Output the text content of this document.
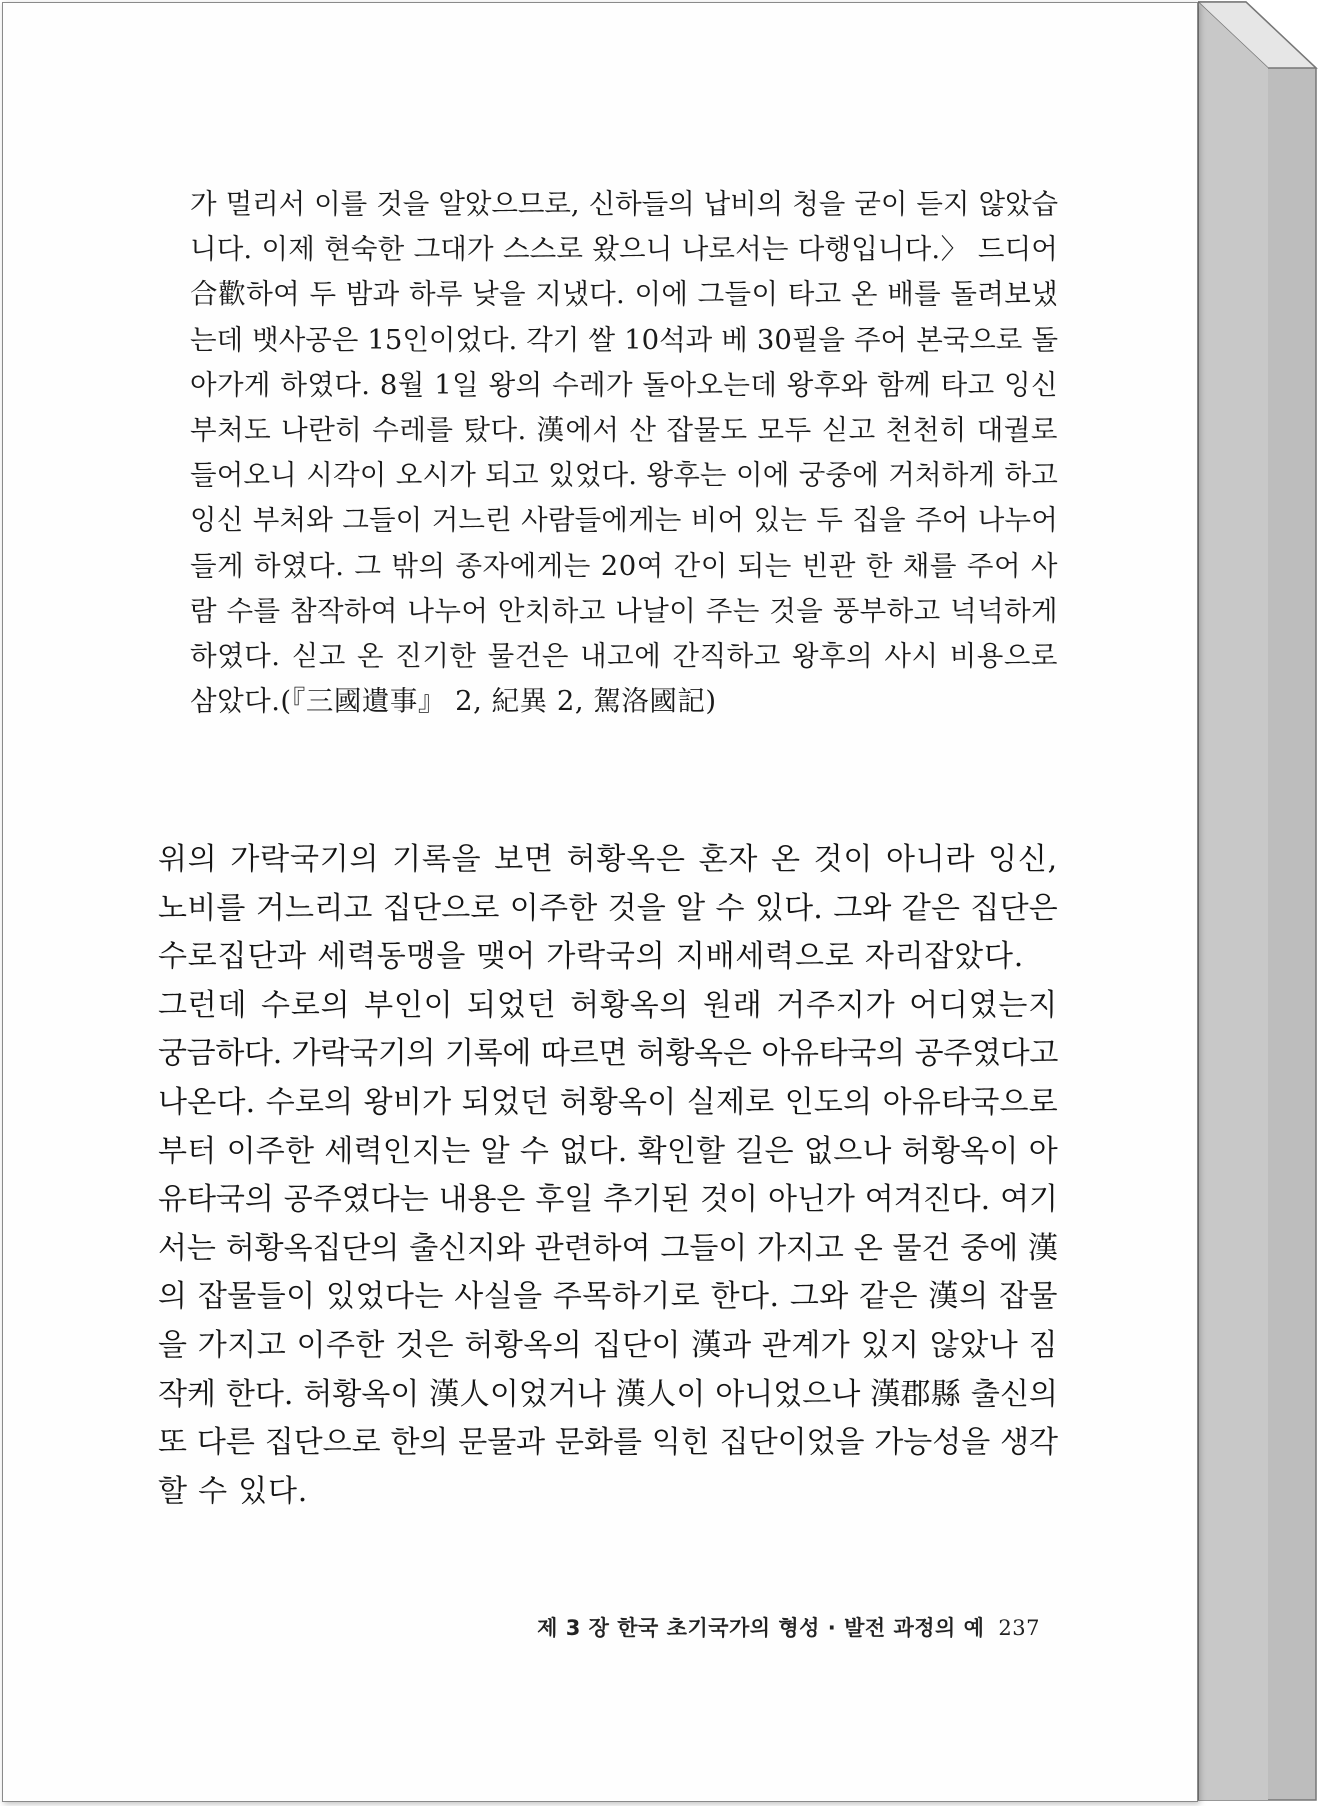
가 멀리서 이를 것을 알았으므로, 신하들의 납비의 청을 굳이 듣지 않았습

니다. 이제 현숙한 그대가 스스로 왔으니 나로서는 다행입니다.〉 드디어

合歡하여 두 밤과 하루 낮을 지냈다. 이에 그들이 타고 온 배를 돌려보냈

는데 뱃사공은 15인이었다. 각기 쌀 10석과 베 30필을 주어 본국으로 돌

아가게 하였다. 8월 1일 왕의 수레가 돌아오는데 왕후와 함께 타고 잉신

부처도 나란히 수레를 탔다. 漢에서 산 잡물도 모두 싣고 천천히 대궐로

들어오니 시각이 오시가 되고 있었다. 왕후는 이에 궁중에 거처하게 하고

잉신 부처와 그들이 거느린 사람들에게는 비어 있는 두 집을 주어 나누어

들게 하였다. 그 밖의 종자에게는 20여 간이 되는 빈관 한 채를 주어 사

람 수를 참작하여 나누어 안치하고 나날이 주는 것을 풍부하고 넉넉하게

하였다. 싣고 온 진기한 물건은 내고에 간직하고 왕후의 사시 비용으로

삼았다.(『三國遺事』 2, 紀異 2, 駕洛國記)

위의 가락국기의 기록을 보면 허황옥은 혼자 온 것이 아니라 잉신,
노비를 거느리고 집단으로 이주한 것을 알 수 있다. 그와 같은 집단은
수로집단과 세력동맹을 맺어 가락국의 지배세력으로 자리잡았다.
그런데 수로의 부인이 되었던 허황옥의 원래 거주지가 어디였는지
궁금하다. 가락국기의 기록에 따르면 허황옥은 아유타국의 공주였다고
나온다. 수로의 왕비가 되었던 허황옥이 실제로 인도의 아유타국으로
부터 이주한 세력인지는 알 수 없다. 확인할 길은 없으나 허황옥이 아
유타국의 공주였다는 내용은 후일 추기된 것이 아닌가 여겨진다. 여기
서는 허황옥집단의 출신지와 관련하여 그들이 가지고 온 물건 중에 漢
의 잡물들이 있었다는 사실을 주목하기로 한다. 그와 같은 漢의 잡물
을 가지고 이주한 것은 허황옥의 집단이 漢과 관계가 있지 않았나 짐
작케 한다. 허황옥이 漢人이었거나 漢人이 아니었으나 漢郡縣 출신의
또 다른 집단으로 한의 문물과 문화를 익힌 집단이었을 가능성을 생각
할 수 있다.
제 3 장 한국 초기국가의 형성 · 발전 과정의 예 237
